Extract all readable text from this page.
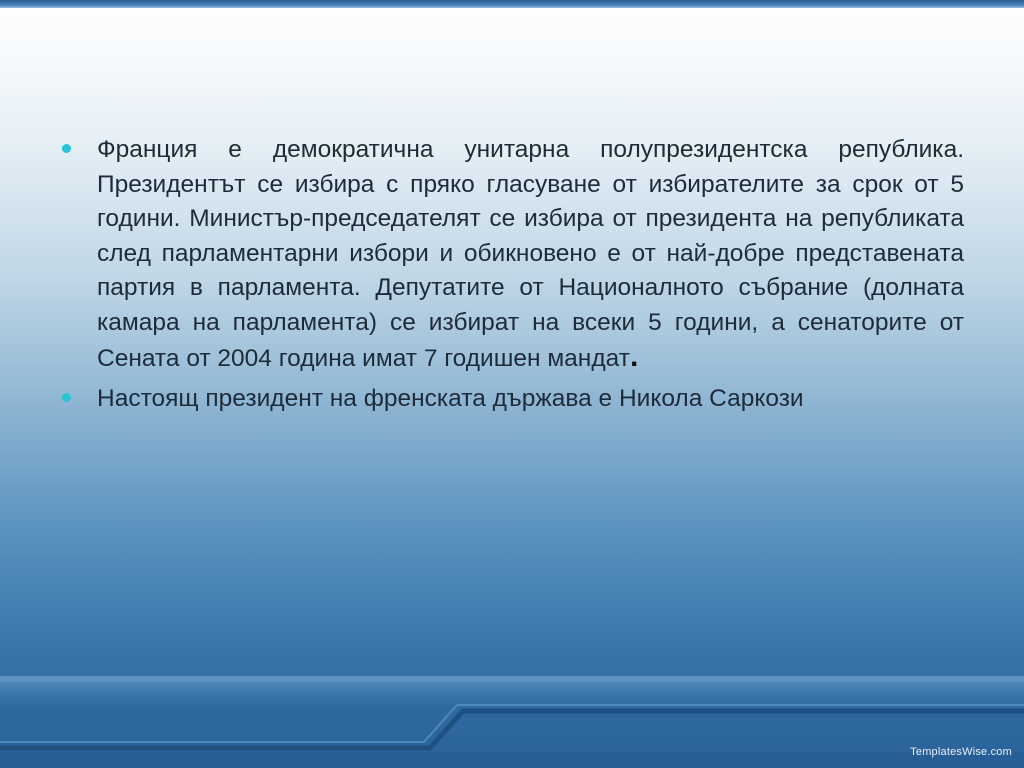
Франция е демократична унитарна полупрезидентска република. Президентът се избира с пряко гласуване от избирателите за срок от 5 години. Министър-председателят се избира от президента на републиката след парламентарни избори и обикновено е от най-добре представената партия в парламента. Депутатите от Националното събрание (долната камара на парламента) се избират на всеки 5 години, а сенаторите от Сената от 2004 година имат 7 годишен мандат.
Настоящ президент на френската държава е Никола Саркози
TemplatesWise.com
